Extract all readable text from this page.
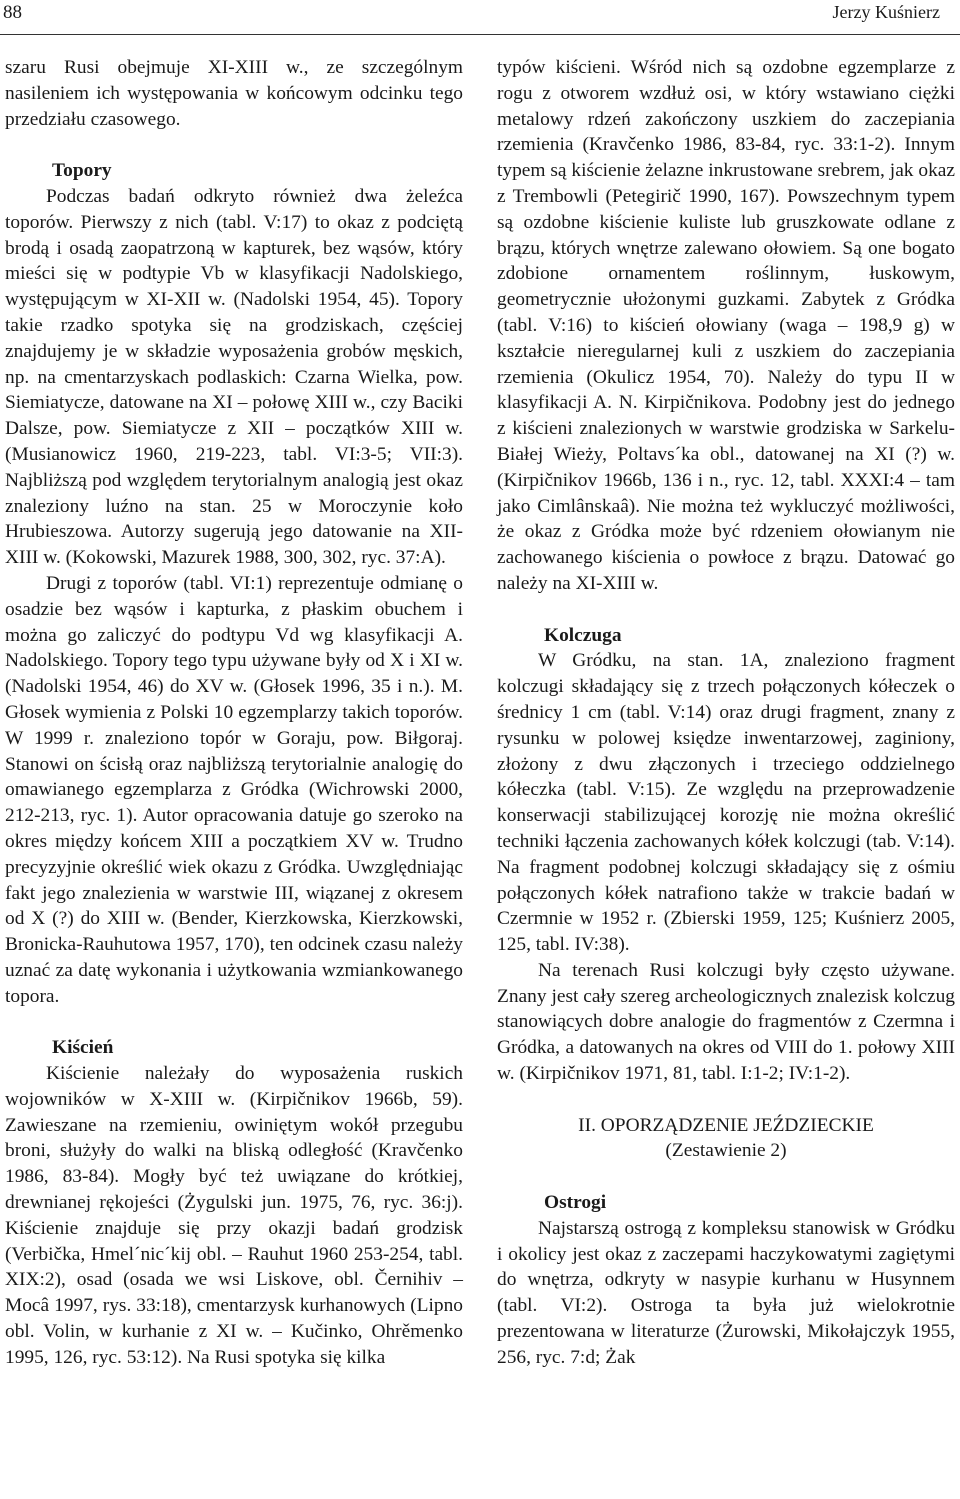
88	Jerzy Kuśnierz

szaru Rusi obejmuje XI-XIII w., ze szczególnym nasileniem ich występowania w końcowym odcinku tego przedziału czasowego.

Topory

Podczas badań odkryto również dwa żeleźca toporów. Pierwszy z nich (tabl. V:17) to okaz z podciętą brodą i osadą zaopatrzoną w kapturek, bez wąsów, który mieści się w podtypie Vb w klasyfikacji Nadolskiego, występującym w XI-XII w. (Nadolski 1954, 45). Topory takie rzadko spotyka się na grodziskach, częściej znajdujemy je w składzie wyposażenia grobów męskich, np. na cmentarzyskach podlaskich: Czarna Wielka, pow. Siemiatycze, datowane na XI – połowę XIII w., czy Baciki Dalsze, pow. Siemiatycze z XII – początków XIII w. (Musianowicz 1960, 219-223, tabl. VI:3-5; VII:3). Najbliższą pod względem terytorialnym analogią jest okaz znaleziony luźno na stan. 25 w Moroczynie koło Hrubieszowa. Autorzy sugerują jego datowanie na XII-XIII w. (Kokowski, Mazurek 1988, 300, 302, ryc. 37:A).

Drugi z toporów (tabl. VI:1) reprezentuje odmianę o osadzie bez wąsów i kapturka, z płaskim obuchem i można go zaliczyć do podtypu Vd wg klasyfikacji A. Nadolskiego. Topory tego typu używane były od X i XI w. (Nadolski 1954, 46) do XV w. (Głosek 1996, 35 i n.). M. Głosek wymienia z Polski 10 egzemplarzy takich toporów. W 1999 r. znaleziono topór w Goraju, pow. Biłgoraj. Stanowi on ścisłą oraz najbliższą terytorialnie analogię do omawianego egzemplarza z Gródka (Wichrowski 2000, 212-213, ryc. 1). Autor opracowania datuje go szeroko na okres między końcem XIII a początkiem XV w. Trudno precyzyjnie określić wiek okazu z Gródka. Uwzględniając fakt jego znalezienia w warstwie III, wiązanej z okresem od X (?) do XIII w. (Bender, Kierzkowska, Kierzkowski, Bronicka-Rauhutowa 1957, 170), ten odcinek czasu należy uznać za datę wykonania i użytkowania wzmiankowanego topora.

Kiścień

Kiścienie należały do wyposażenia ruskich wojowników w X-XIII w. (Kirpičnikov 1966b, 59). Zawieszane na rzemieniu, owiniętym wokół przegubu broni, służyły do walki na bliską odległość (Kravčenko 1986, 83-84). Mogły być też uwiązane do krótkiej, drewnianej rękojeści (Żygulski jun. 1975, 76, ryc. 36:j). Kiścienie znajduje się przy okazji badań grodzisk (Verbička, Hmel´nic´kij obl. – Rauhut 1960 253-254, tabl. XIX:2), osad (osada we wsi Liskove, obl. Černihiv – Mocâ 1997, rys. 33:18), cmentarzysk kurhanowych (Lipno obl. Volin, w kurhanie z XI w. – Kučinko, Ohrěmenko 1995, 126, ryc. 53:12). Na Rusi spotyka się kilka

typów kiścieni. Wśród nich są ozdobne egzemplarze z rogu z otworem wzdłuż osi, w który wstawiano ciężki metalowy rdzeń zakończony uszkiem do zaczepiania rzemienia (Kravčenko 1986, 83-84, ryc. 33:1-2). Innym typem są kiścienie żelazne inkrustowane srebrem, jak okaz z Trembowli (Petegirič 1990, 167). Powszechnym typem są ozdobne kiścienie kuliste lub gruszkowate odlane z brązu, których wnętrze zalewano ołowiem. Są one bogato zdobione ornamentem roślinnym, łuskowym, geometrycznie ułożonymi guzkami. Zabytek z Gródka (tabl. V:16) to kiścień ołowiany (waga – 198,9 g) w kształcie nieregularnej kuli z uszkiem do zaczepiania rzemienia (Okulicz 1954, 70). Należy do typu II w klasyfikacji A. N. Kirpičnikova. Podobny jest do jednego z kiścieni znalezionych w warstwie grodziska w Sarkelu-Białej Wieży, Poltavs´ka obl., datowanej na XI (?) w. (Kirpičnikov 1966b, 136 i n., ryc. 12, tabl. XXXI:4 – tam jako Cimlânskaâ). Nie można też wykluczyć możliwości, że okaz z Gródka może być rdzeniem ołowianym nie zachowanego kiścienia o powłoce z brązu. Datować go należy na XI-XIII w.

Kolczuga

W Gródku, na stan. 1A, znaleziono fragment kolczugi składający się z trzech połączonych kółeczek o średnicy 1 cm (tabl. V:14) oraz drugi fragment, znany z rysunku w polowej księdze inwentarzowej, zaginiony, złożony z dwu złączonych i trzeciego oddzielnego kółeczka (tabl. V:15). Ze względu na przeprowadzenie konserwacji stabilizującej korozję nie można określić techniki łączenia zachowanych kółek kolczugi (tab. V:14). Na fragment podobnej kolczugi składający się z ośmiu połączonych kółek natrafiono także w trakcie badań w Czermnie w 1952 r. (Zbierski 1959, 125; Kuśnierz 2005, 125, tabl. IV:38).

Na terenach Rusi kolczugi były często używane. Znany jest cały szereg archeologicznych znalezisk kolczug stanowiących dobre analogie do fragmentów z Czermna i Gródka, a datowanych na okres od VIII do 1. połowy XIII w. (Kirpičnikov 1971, 81, tabl. I:1-2; IV:1-2).

II. OPORZĄDZENIE JEŹDZIECKIE
(Zestawienie 2)
Ostrogi

Najstarszą ostrogą z kompleksu stanowisk w Gródku i okolicy jest okaz z zaczepami haczykowatymi zagiętymi do wnętrza, odkryty w nasypie kurhanu w Husynnem (tabl. VI:2). Ostroga ta była już wielokrotnie prezentowana w literaturze (Żurowski, Mikołajczyk 1955, 256, ryc. 7:d; Żak
